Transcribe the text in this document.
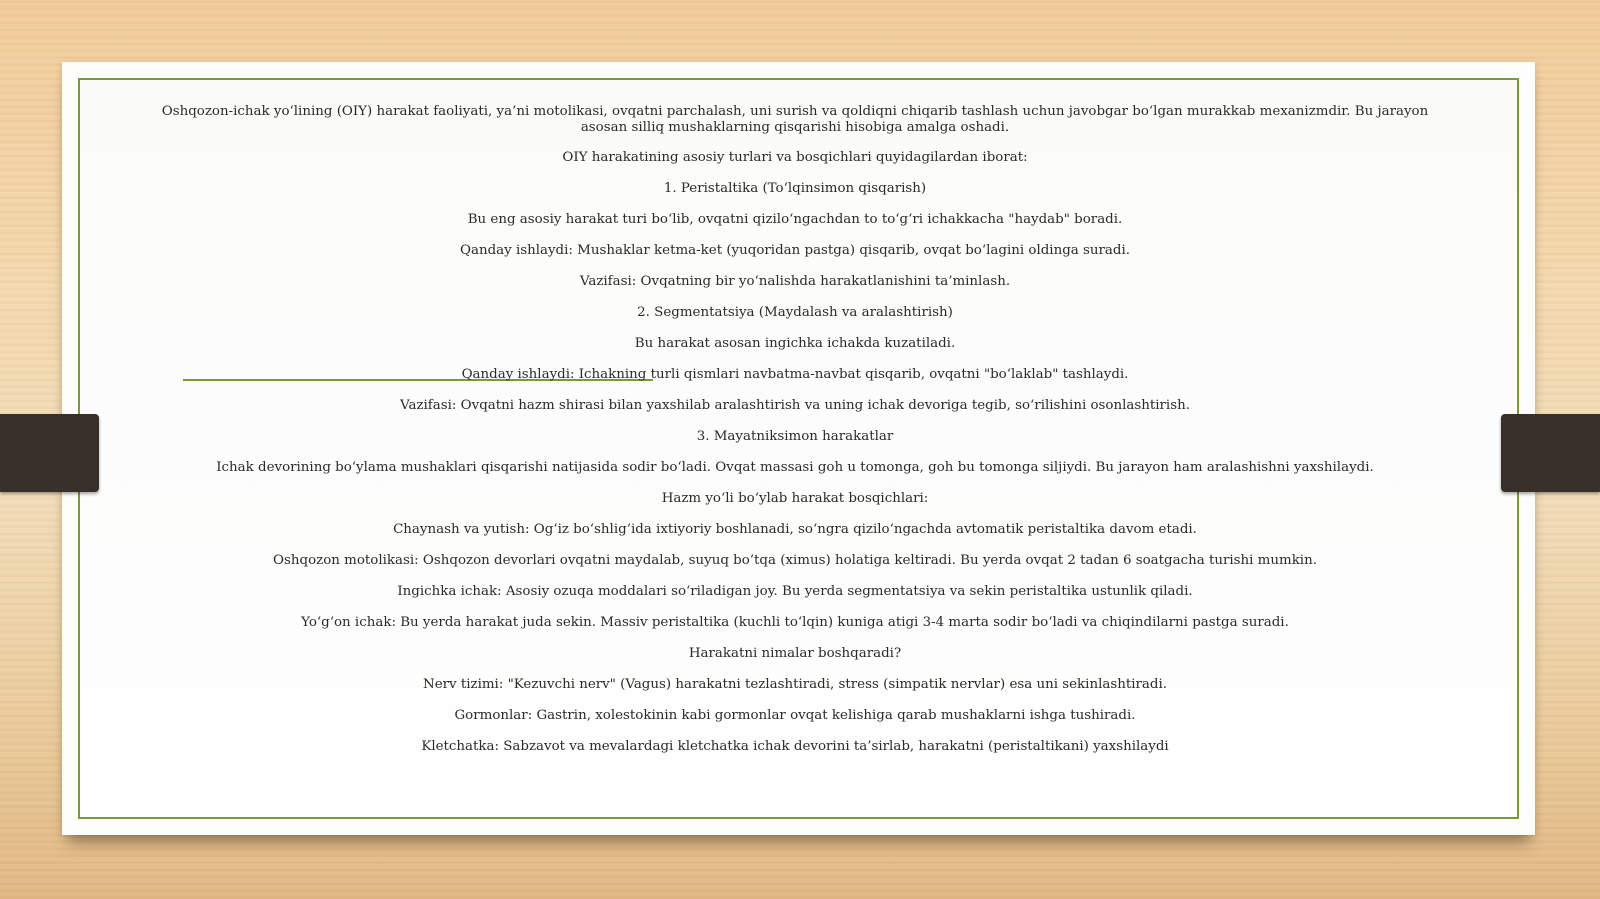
Oshqozon-ichak yo‘lining (OIY) harakat faoliyati, ya’ni motolikasi, ovqatni parchalash, uni surish va qoldiqni chiqarib tashlash uchun javobgar bo‘lgan murakkab mexanizmdir. Bu jarayon asosan silliq mushaklarning qisqarishi hisobiga amalga oshadi.

OIY harakatining asosiy turlari va bosqichlari quyidagilardan iborat:

1. Peristaltika (To‘lqinsimon qisqarish)

Bu eng asosiy harakat turi bo‘lib, ovqatni qizilo‘ngachdan to to‘g‘ri ichakkacha "haydab" boradi.

Qanday ishlaydi: Mushaklar ketma-ket (yuqoridan pastga) qisqarib, ovqat bo‘lagini oldinga suradi.

Vazifasi: Ovqatning bir yo‘nalishda harakatlanishini ta’minlash.

2. Segmentatsiya (Maydalash va aralashtirish)

Bu harakat asosan ingichka ichakda kuzatiladi.

Qanday ishlaydi: Ichakning turli qismlari navbatma-navbat qisqarib, ovqatni "bo‘laklab" tashlaydi.

Vazifasi: Ovqatni hazm shirasi bilan yaxshilab aralashtirish va uning ichak devoriga tegib, so‘rilishini osonlashtirish.

3. Mayatniksimon harakatlar

Ichak devorining bo‘ylama mushaklari qisqarishi natijasida sodir bo‘ladi. Ovqat massasi goh u tomonga, goh bu tomonga siljiydi. Bu jarayon ham aralashishni yaxshilaydi.

Hazm yo‘li bo‘ylab harakat bosqichlari:

Chaynash va yutish: Og‘iz bo‘shlig‘ida ixtiyoriy boshlanadi, so‘ngra qizilo‘ngachda avtomatik peristaltika davom etadi.

Oshqozon motolikasi: Oshqozon devorlari ovqatni maydalab, suyuq bo‘tqa (ximus) holatiga keltiradi. Bu yerda ovqat 2 tadan 6 soatgacha turishi mumkin.

Ingichka ichak: Asosiy ozuqa moddalari so‘riladigan joy. Bu yerda segmentatsiya va sekin peristaltika ustunlik qiladi.

Yo‘g‘on ichak: Bu yerda harakat juda sekin. Massiv peristaltika (kuchli to‘lqin) kuniga atigi 3-4 marta sodir bo‘ladi va chiqindilarni pastga suradi.

Harakatni nimalar boshqaradi?

Nerv tizimi: "Kezuvchi nerv" (Vagus) harakatni tezlashtiradi, stress (simpatik nervlar) esa uni sekinlashtiradi.

Gormonlar: Gastrin, xolestokinin kabi gormonlar ovqat kelishiga qarab mushaklarni ishga tushiradi.

Kletchatka: Sabzavot va mevalardagi kletchatka ichak devorini ta’sirlab, harakatni (peristaltikani) yaxshilaydi
